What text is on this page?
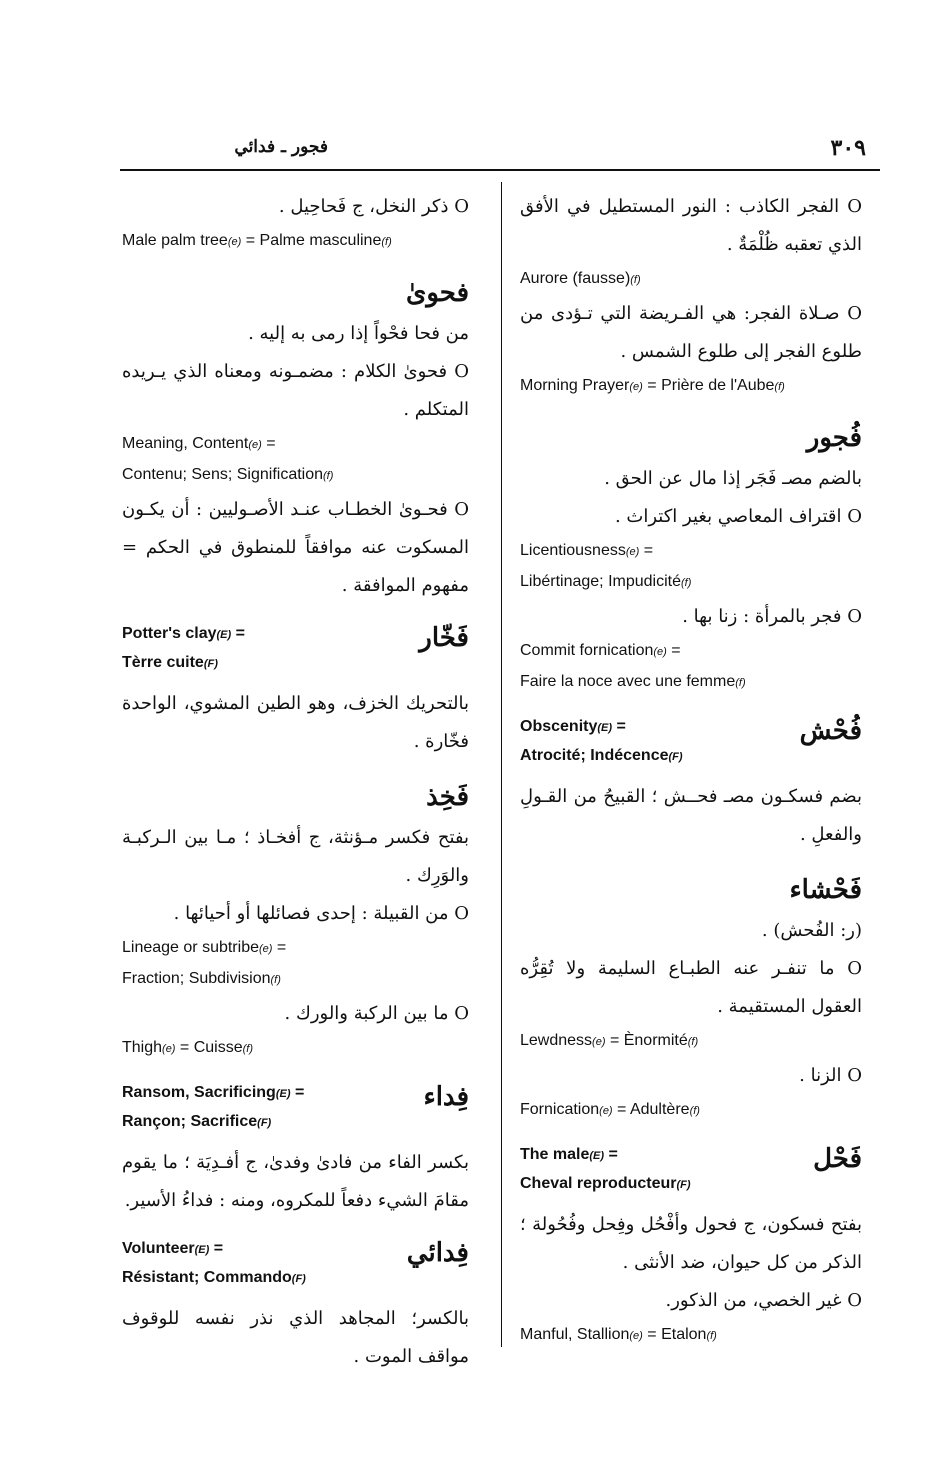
فجور ـ فدائي	٣٠٩

O الفجر الكاذب : النور المستطيل في الأفق الذي تعقبه ظُلْمَةٌ .

Aurore (fausse)(f)

O صـلاة الفجر: هي الفـريضة التي تـؤدى من طلوع الفجر إلى طلوع الشمس .

Morning Prayer(e) = Prière de l'Aube(f)

فُجور

بالضم مصـ فَجَر إذا مال عن الحق .

O اقتراف المعاصي بغير اكتراث .

Licentiousness(e) =

Libértinage; Impudicité(f)

O فجر بالمرأة : زنا بها .

Commit fornication(e) =

Faire la noce avec une femme(f)

فُحْش

Obscenity(E) =

Atrocité; Indécence(F)

بضم فسكـون مصـ فحــش ؛ القبيحُ من القـولِ والفعلِ .

فَحْشاء

(ر: الفُحش) .

O ما تنفـر عنه الطبـاع السليمة ولا تُقِرُّه العقول المستقيمة .

Lewdness(e) = Ènormité(f)

O الزنا .

Fornication(e) = Adultère(f)

فَحْل

The male(E) =

Cheval reproducteur(F)

بفتح فسكون، ج فحول وأفْحُل وفِحل وفُحُولة ؛ الذكر من كل حيوان، ضد الأنثى .

O غير الخصي، من الذكور.

Manful, Stallion(e) = Etalon(f)

O ذكر النخل، ج فَحاحِيل .

Male palm tree(e) = Palme masculine(f)

فحوىٰ

من فحا فحْواً إذا رمى به إليه .

O فحوىٰ الكلام : مضمـونه ومعناه الذي يـريده المتكلم .

Meaning, Content(e) =

Contenu; Sens; Signification(f)

O فحـوىٰ الخطـاب عنـد الأصـوليين : أن يكـون المسكوت عنه موافقاً للمنطوق في الحكم = مفهوم الموافقة .

فَخّار

Potter's clay(E) =

Tèrre cuite(F)

بالتحريك الخزف، وهو الطين المشوي، الواحدة فخّارة .

فَخِذ

بفتح فكسر مـؤنثة، ج أفخـاذ ؛ مـا بين الـركبـة والوَرِك .

O من القبيلة : إحدى فصائلها أو أحيائها .

Lineage or subtribe(e) =

Fraction; Subdivision(f)

O ما بين الركبة والورك .

Thigh(e) = Cuisse(f)

فِداء

Ransom, Sacrificing(E) =

Rançon; Sacrifice(F)

بكسر الفاء من فادىٰ وفدىٰ، ج أفـدِيَة ؛ ما يقوم مقامَ الشيء دفعاً للمكروه، ومنه : فداءُ الأسير.

فِدائي

Volunteer(E) =

Résistant; Commando(F)

بالكسر؛ المجاهد الذي نذر نفسه للوقوف مواقف الموت .
